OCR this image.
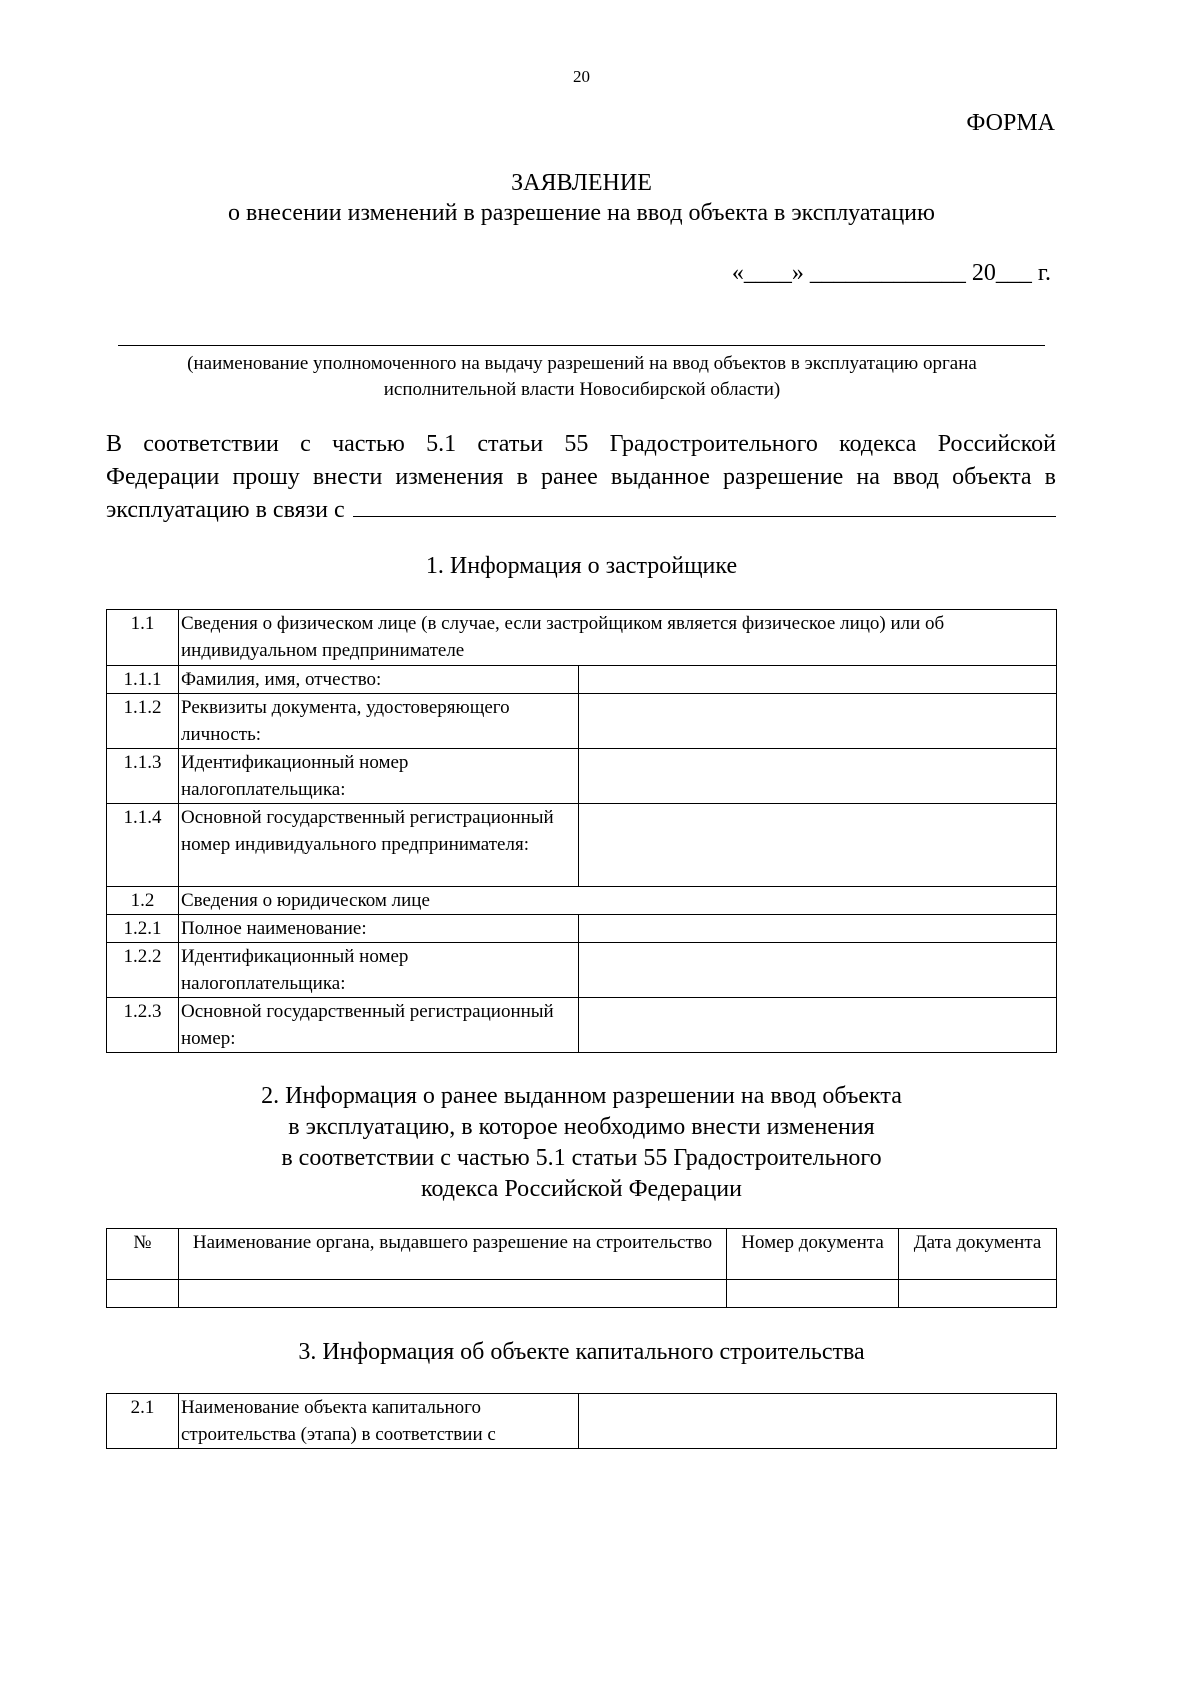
20
ФОРМА
ЗАЯВЛЕНИЕ
о внесении изменений в разрешение на ввод объекта в эксплуатацию
«____» _____________ 20___ г.
(наименование уполномоченного на выдачу разрешений на ввод объектов в эксплуатацию органа
исполнительной власти Новосибирской области)
В соответствии с частью 5.1 статьи 55 Градостроительного кодекса Российской
Федерации прошу внести изменения в ранее выданное разрешение на ввод объекта в
эксплуатацию в связи с
1. Информация о застройщике
1.1	Сведения о физическом лице (в случае, если застройщиком является физическое лицо) или об индивидуальном предпринимателе	
1.1.1	Фамилия, имя, отчество:	
1.1.2	Реквизиты документа, удостоверяющего личность:	
1.1.3	Идентификационный номер налогоплательщика:	
1.1.4	Основной государственный регистрационный номер индивидуального предпринимателя:	
1.2	Сведения о юридическом лице	
1.2.1	Полное наименование:	
1.2.2	Идентификационный номер налогоплательщика:	
1.2.3	Основной государственный регистрационный номер:	
2. Информация о ранее выданном разрешении на ввод объекта
в эксплуатацию, в которое необходимо внести изменения
в соответствии с частью 5.1 статьи 55 Градостроительного
кодекса Российской Федерации
№	Наименование органа, выдавшего разрешение на строительство	Номер документа	Дата документа

3. Информация об объекте капитального строительства
2.1	Наименование объекта капитального строительства (этапа) в соответствии с	
